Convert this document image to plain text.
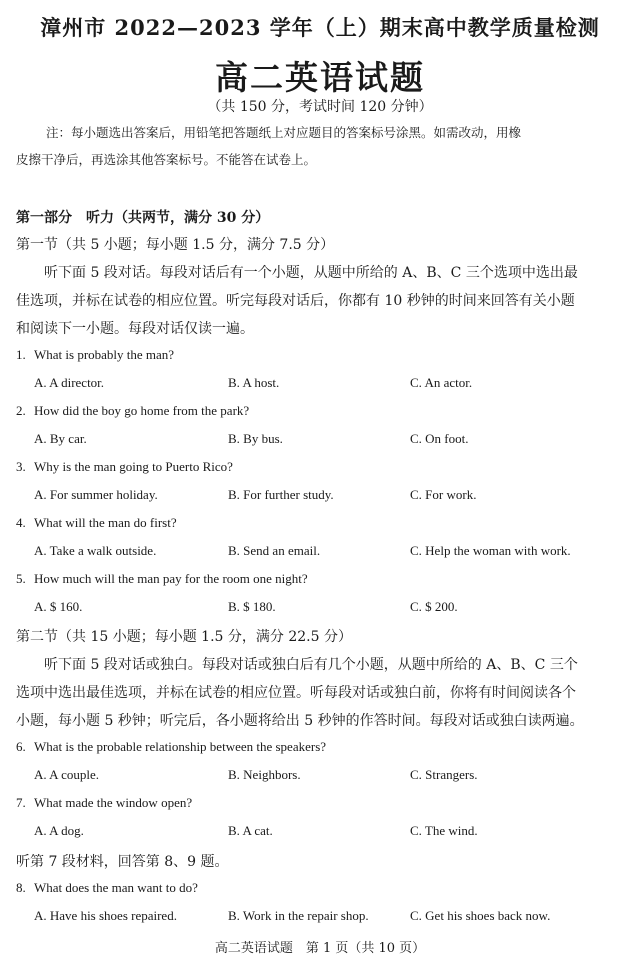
漳州市 2022—2023 学年（上）期末高中教学质量检测
高二英语试题
（共 150 分，考试时间 120 分钟）
注：每小题选出答案后，用铅笔把答题纸上对应题目的答案标号涂黑。如需改动，用橡
皮擦干净后，再选涂其他答案标号。不能答在试卷上。
第一部分　听力（共两节，满分 30 分）
第一节（共 5 小题；每小题 1.5 分，满分 7.5 分）
听下面 5 段对话。每段对话后有一个小题，从题中所给的 A、B、C 三个选项中选出最
佳选项，并标在试卷的相应位置。听完每段对话后，你都有 10 秒钟的时间来回答有关小题
和阅读下一小题。每段对话仅读一遍。
1. What is probably the man?
A. A director.	B. A host.	C. An actor.
2. How did the boy go home from the park?
A. By car.	B. By bus.	C. On foot.
3. Why is the man going to Puerto Rico?
A. For summer holiday.	B. For further study.	C. For work.
4. What will the man do first?
A. Take a walk outside.	B. Send an email.	C. Help the woman with work.
5. How much will the man pay for the room one night?
A. $ 160.	B. $ 180.	C. $ 200.
第二节（共 15 小题；每小题 1.5 分，满分 22.5 分）
听下面 5 段对话或独白。每段对话或独白后有几个小题，从题中所给的 A、B、C 三个
选项中选出最佳选项，并标在试卷的相应位置。听每段对话或独白前，你将有时间阅读各个
小题，每小题 5 秒钟；听完后，各小题将给出 5 秒钟的作答时间。每段对话或独白读两遍。
6. What is the probable relationship between the speakers?
A. A couple.	B. Neighbors.	C. Strangers.
7. What made the window open?
A. A dog.	B. A cat.	C. The wind.
听第 7 段材料，回答第 8、9 题。
8. What does the man want to do?
A. Have his shoes repaired.	B. Work in the repair shop.	C. Get his shoes back now.
高二英语试题　第 1 页（共 10 页）
